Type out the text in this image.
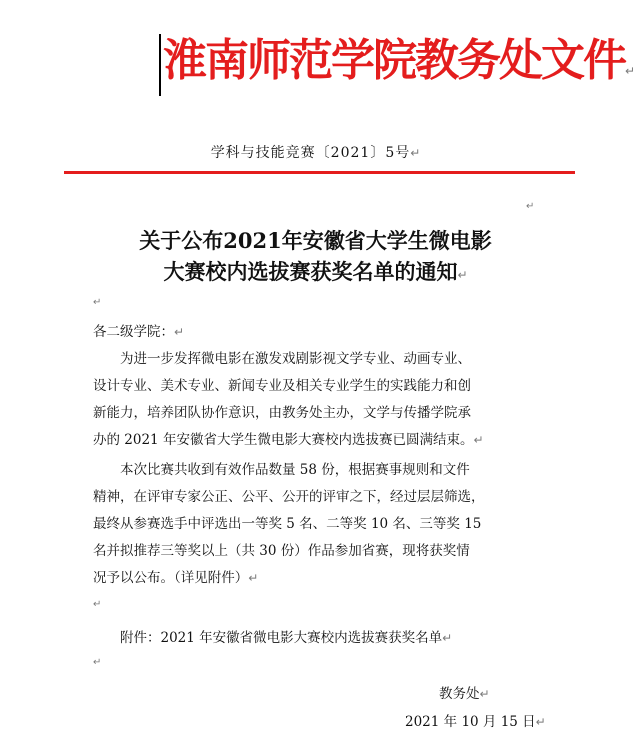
淮南师范学院教务处文件↵
学科与技能竞赛〔2021〕5号↵
↵
关于公布2021年安徽省大学生微电影
大赛校内选拔赛获奖名单的通知↵
↵
各二级学院：↵
为进一步发挥微电影在激发戏剧影视文学专业、动画专业、
设计专业、美术专业、新闻专业及相关专业学生的实践能力和创
新能力，培养团队协作意识，由教务处主办，文学与传播学院承
办的 2021 年安徽省大学生微电影大赛校内选拔赛已圆满结束。↵
本次比赛共收到有效作品数量 58 份，根据赛事规则和文件
精神，在评审专家公正、公平、公开的评审之下，经过层层筛选，
最终从参赛选手中评选出一等奖 5 名、二等奖 10 名、三等奖 15
名并拟推荐三等奖以上（共 30 份）作品参加省赛，现将获奖情
况予以公布。（详见附件）↵
↵
附件：2021 年安徽省微电影大赛校内选拔赛获奖名单↵
↵
教务处↵
2021 年 10 月 15 日↵
